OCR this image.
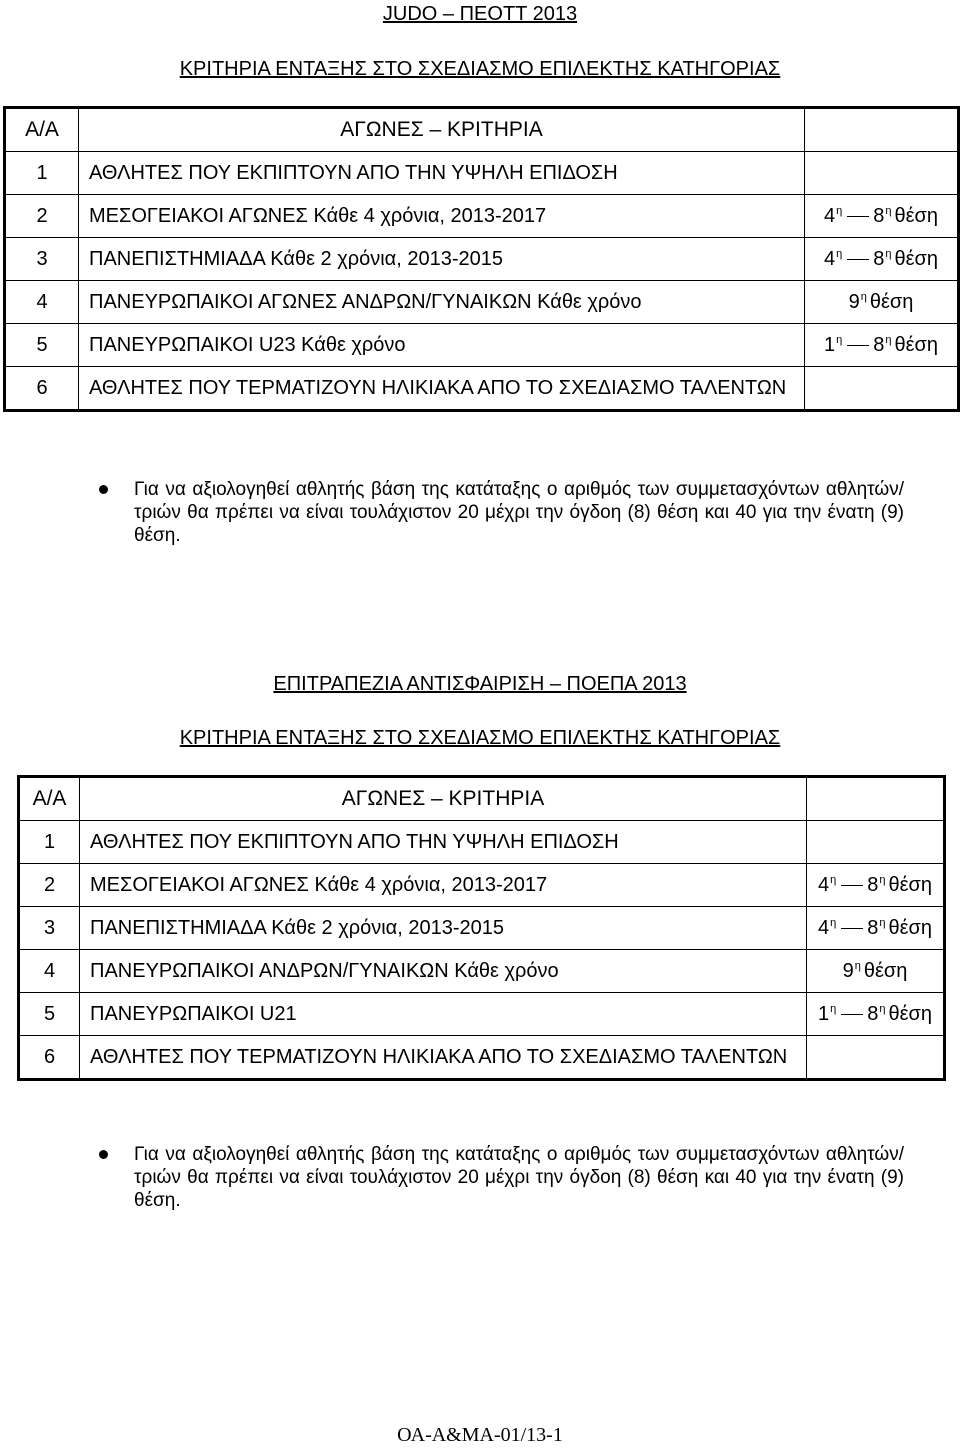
JUDO – ΠΕΟΤΤ 2013
ΚΡΙΤΗΡΙΑ ΕΝΤΑΞΗΣ ΣΤΟ ΣΧΕΔΙΑΣΜΟ ΕΠΙΛΕΚΤΗΣ ΚΑΤΗΓΟΡΙΑΣ
Α/Α	ΑΓΩΝΕΣ – ΚΡΙΤΗΡΙΑ	
1	ΑΘΛΗΤΕΣ ΠΟΥ ΕΚΠΙΠΤΟΥΝ ΑΠΟ ΤΗΝ ΥΨΗΛΗ ΕΠΙΔΟΣΗ	
2	ΜΕΣΟΓΕΙΑΚΟΙ ΑΓΩΝΕΣ Κάθε 4 χρόνια, 2013-2017	$4^\eta$ $8^\eta$ θέση
3	ΠΑΝΕΠΙΣΤΗΜΙΑΔΑ Κάθε 2 χρόνια, 2013-2015	$4^\eta$ $8^\eta$ θέση
4	ΠΑΝΕΥΡΩΠΑΙΚΟΙ ΑΓΩΝΕΣ ΑΝΔΡΩΝ/ΓΥΝΑΙΚΩΝ Κάθε χρόνο	$9^\eta$ θέση
5	ΠΑΝΕΥΡΩΠΑΙΚΟΙ U23 Κάθε χρόνο	$1^\eta$ $8^\eta$ θέση
6	ΑΘΛΗΤΕΣ ΠΟΥ ΤΕΡΜΑΤΙΖΟΥΝ ΗΛΙΚΙΑΚΑ ΑΠΟ ΤΟ ΣΧΕΔΙΑΣΜΟ ΤΑΛΕΝΤΩΝ	
Για να αξιολογηθεί αθλητής βάση της κατάταξης ο αριθμός των συμμετασχόντων αθλητών/τριών θα πρέπει να είναι τουλάχιστον 20 μέχρι την όγδοη (8) θέση και 40 για την ένατη (9) θέση.
ΕΠΙΤΡΑΠΕΖΙΑ ΑΝΤΙΣΦΑΙΡΙΣΗ – ΠΟΕΠΑ 2013
ΚΡΙΤΗΡΙΑ ΕΝΤΑΞΗΣ ΣΤΟ ΣΧΕΔΙΑΣΜΟ ΕΠΙΛΕΚΤΗΣ ΚΑΤΗΓΟΡΙΑΣ
Α/Α	ΑΓΩΝΕΣ – ΚΡΙΤΗΡΙΑ	
1	ΑΘΛΗΤΕΣ ΠΟΥ ΕΚΠΙΠΤΟΥΝ ΑΠΟ ΤΗΝ ΥΨΗΛΗ ΕΠΙΔΟΣΗ	
2	ΜΕΣΟΓΕΙΑΚΟΙ ΑΓΩΝΕΣ Κάθε 4 χρόνια, 2013-2017	$4^\eta$ $8^\eta$ θέση
3	ΠΑΝΕΠΙΣΤΗΜΙΑΔΑ Κάθε 2 χρόνια, 2013-2015	$4^\eta$ $8^\eta$ θέση
4	ΠΑΝΕΥΡΩΠΑΙΚΟΙ ΑΝΔΡΩΝ/ΓΥΝΑΙΚΩΝ Κάθε χρόνο	$9^\eta$ θέση
5	ΠΑΝΕΥΡΩΠΑΙΚΟΙ U21	$1^\eta$ $8^\eta$ θέση
6	ΑΘΛΗΤΕΣ ΠΟΥ ΤΕΡΜΑΤΙΖΟΥΝ ΗΛΙΚΙΑΚΑ ΑΠΟ ΤΟ ΣΧΕΔΙΑΣΜΟ ΤΑΛΕΝΤΩΝ	
Για να αξιολογηθεί αθλητής βάση της κατάταξης ο αριθμός των συμμετασχόντων αθλητών/τριών θα πρέπει να είναι τουλάχιστον 20 μέχρι την όγδοη (8) θέση και 40 για την ένατη (9) θέση.
ΟΑ-Α&ΜΑ-01/13-1
